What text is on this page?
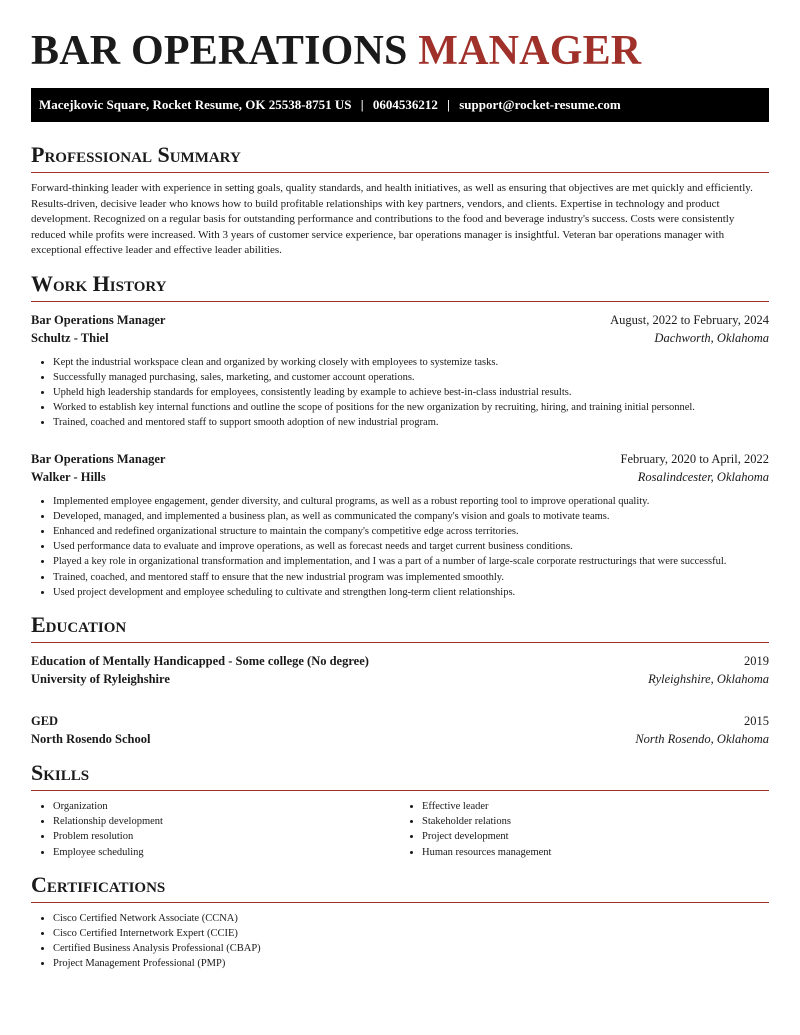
BAR OPERATIONS MANAGER
Macejkovic Square, Rocket Resume, OK 25538-8751 US | 0604536212 | support@rocket-resume.com
Professional Summary

Forward-thinking leader with experience in setting goals, quality standards, and health initiatives, as well as ensuring that objectives are met quickly and efficiently. Results-driven, decisive leader who knows how to build profitable relationships with key partners, vendors, and clients. Expertise in technology and product development. Recognized on a regular basis for outstanding performance and contributions to the food and beverage industry's success. Costs were consistently reduced while profits were increased. With 3 years of customer service experience, bar operations manager is insightful. Veteran bar operations manager with exceptional effective leader and effective leader abilities.

Work History
Bar Operations Manager	August, 2022 to February, 2024
Schultz - Thiel	Dachworth, Oklahoma
• Kept the industrial workspace clean and organized by working closely with employees to systemize tasks.
• Successfully managed purchasing, sales, marketing, and customer account operations.
• Upheld high leadership standards for employees, consistently leading by example to achieve best-in-class industrial results.
• Worked to establish key internal functions and outline the scope of positions for the new organization by recruiting, hiring, and training initial personnel.
• Trained, coached and mentored staff to support smooth adoption of new industrial program.
Bar Operations Manager	February, 2020 to April, 2022
Walker - Hills	Rosalindcester, Oklahoma
• Implemented employee engagement, gender diversity, and cultural programs, as well as a robust reporting tool to improve operational quality.
• Developed, managed, and implemented a business plan, as well as communicated the company's vision and goals to motivate teams.
• Enhanced and redefined organizational structure to maintain the company's competitive edge across territories.
• Used performance data to evaluate and improve operations, as well as forecast needs and target current business conditions.
• Played a key role in organizational transformation and implementation, and I was a part of a number of large-scale corporate restructurings that were successful.
• Trained, coached, and mentored staff to ensure that the new industrial program was implemented smoothly.
• Used project development and employee scheduling to cultivate and strengthen long-term client relationships.
Education
Education of Mentally Handicapped - Some college (No degree)	2019
University of Ryleighshire	Ryleighshire, Oklahoma
GED	2015
North Rosendo School	North Rosendo, Oklahoma
Skills
• Organization
• Relationship development
• Problem resolution
• Employee scheduling
• Effective leader
• Stakeholder relations
• Project development
• Human resources management
Certifications
• Cisco Certified Network Associate (CCNA)
• Cisco Certified Internetwork Expert (CCIE)
• Certified Business Analysis Professional (CBAP)
• Project Management Professional (PMP)
